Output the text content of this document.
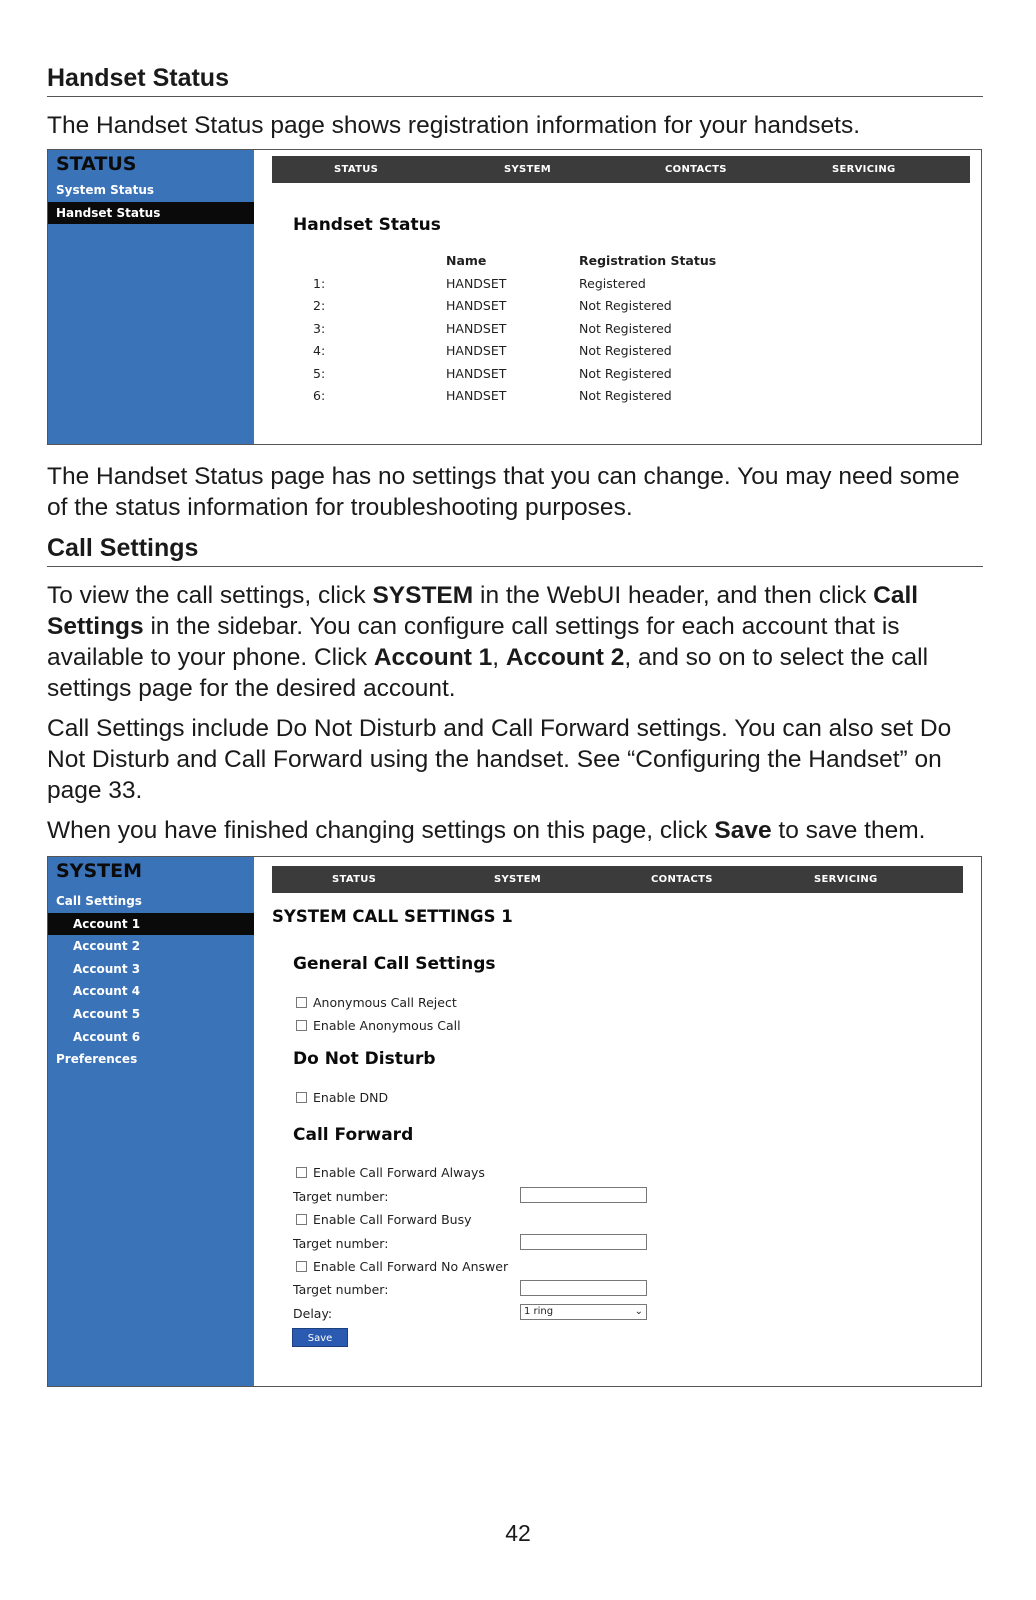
Handset Status

The Handset Status page shows registration information for your handsets.

STATUS
System Status
Handset Status
STATUS	SYSTEM	CONTACTS	SERVICING
Handset Status
Name	Registration Status
1:	HANDSET	Registered
2:	HANDSET	Not Registered
3:	HANDSET	Not Registered
4:	HANDSET	Not Registered
5:	HANDSET	Not Registered
6:	HANDSET	Not Registered

The Handset Status page has no settings that you can change. You may need some of the status information for troubleshooting purposes.

Call Settings

To view the call settings, click SYSTEM in the WebUI header, and then click Call Settings in the sidebar. You can configure call settings for each account that is available to your phone. Click Account 1, Account 2, and so on to select the call settings page for the desired account.

Call Settings include Do Not Disturb and Call Forward settings. You can also set Do Not Disturb and Call Forward using the handset. See “Configuring the Handset” on page 33.

When you have finished changing settings on this page, click Save to save them.

SYSTEM
Call Settings
Account 1
Account 2
Account 3
Account 4
Account 5
Account 6
Preferences
STATUS	SYSTEM	CONTACTS	SERVICING
SYSTEM CALL SETTINGS 1
General Call Settings
Anonymous Call Reject
Enable Anonymous Call
Do Not Disturb
Enable DND
Call Forward
Enable Call Forward Always
Target number:
Enable Call Forward Busy
Target number:
Enable Call Forward No Answer
Target number:
Delay:	1 ring	⌄
Save
42
